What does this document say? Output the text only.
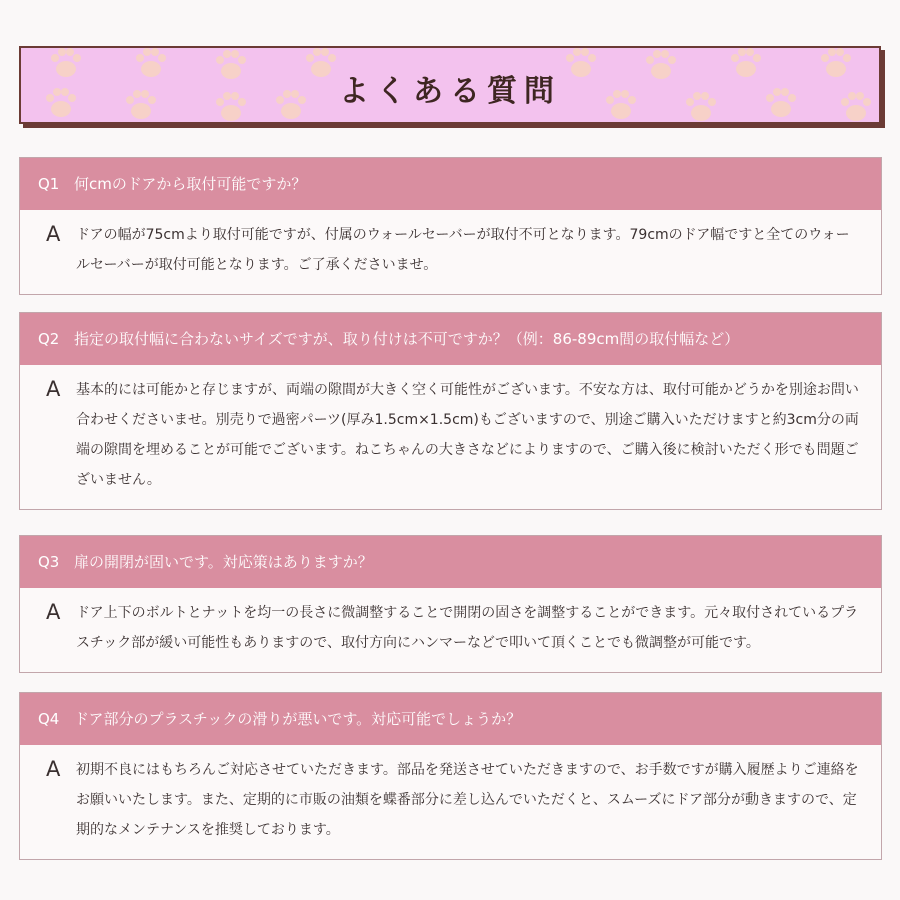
よくある質問
Q1 何cmのドアから取付可能ですか？
A ドアの幅が75cmより取付可能ですが、付属のウォールセーバーが取付不可となります。79cmのドア幅ですと全てのウォールセーバーが取付可能となります。ご了承くださいませ。
Q2 指定の取付幅に合わないサイズですが、取り付けは不可ですか？（例：86-89cm間の取付幅など）
A 基本的には可能かと存じますが、両端の隙間が大きく空く可能性がございます。不安な方は、取付可能かどうかを別途お問い合わせくださいませ。別売りで過密パーツ(厚み1.5cm×1.5cm)もございますので、別途ご購入いただけますと約3cm分の両端の隙間を埋めることが可能でございます。ねこちゃんの大きさなどによりますので、ご購入後に検討いただく形でも問題ございません。
Q3 扉の開閉が固いです。対応策はありますか？
A ドア上下のボルトとナットを均一の長さに微調整することで開閉の固さを調整することができます。元々取付されているプラスチック部が緩い可能性もありますので、取付方向にハンマーなどで叩いて頂くことでも微調整が可能です。
Q4 ドア部分のプラスチックの滑りが悪いです。対応可能でしょうか？
A 初期不良にはもちろんご対応させていただきます。部品を発送させていただきますので、お手数ですが購入履歴よりご連絡をお願いいたします。また、定期的に市販の油類を蝶番部分に差し込んでいただくと、スムーズにドア部分が動きますので、定期的なメンテナンスを推奨しております。
